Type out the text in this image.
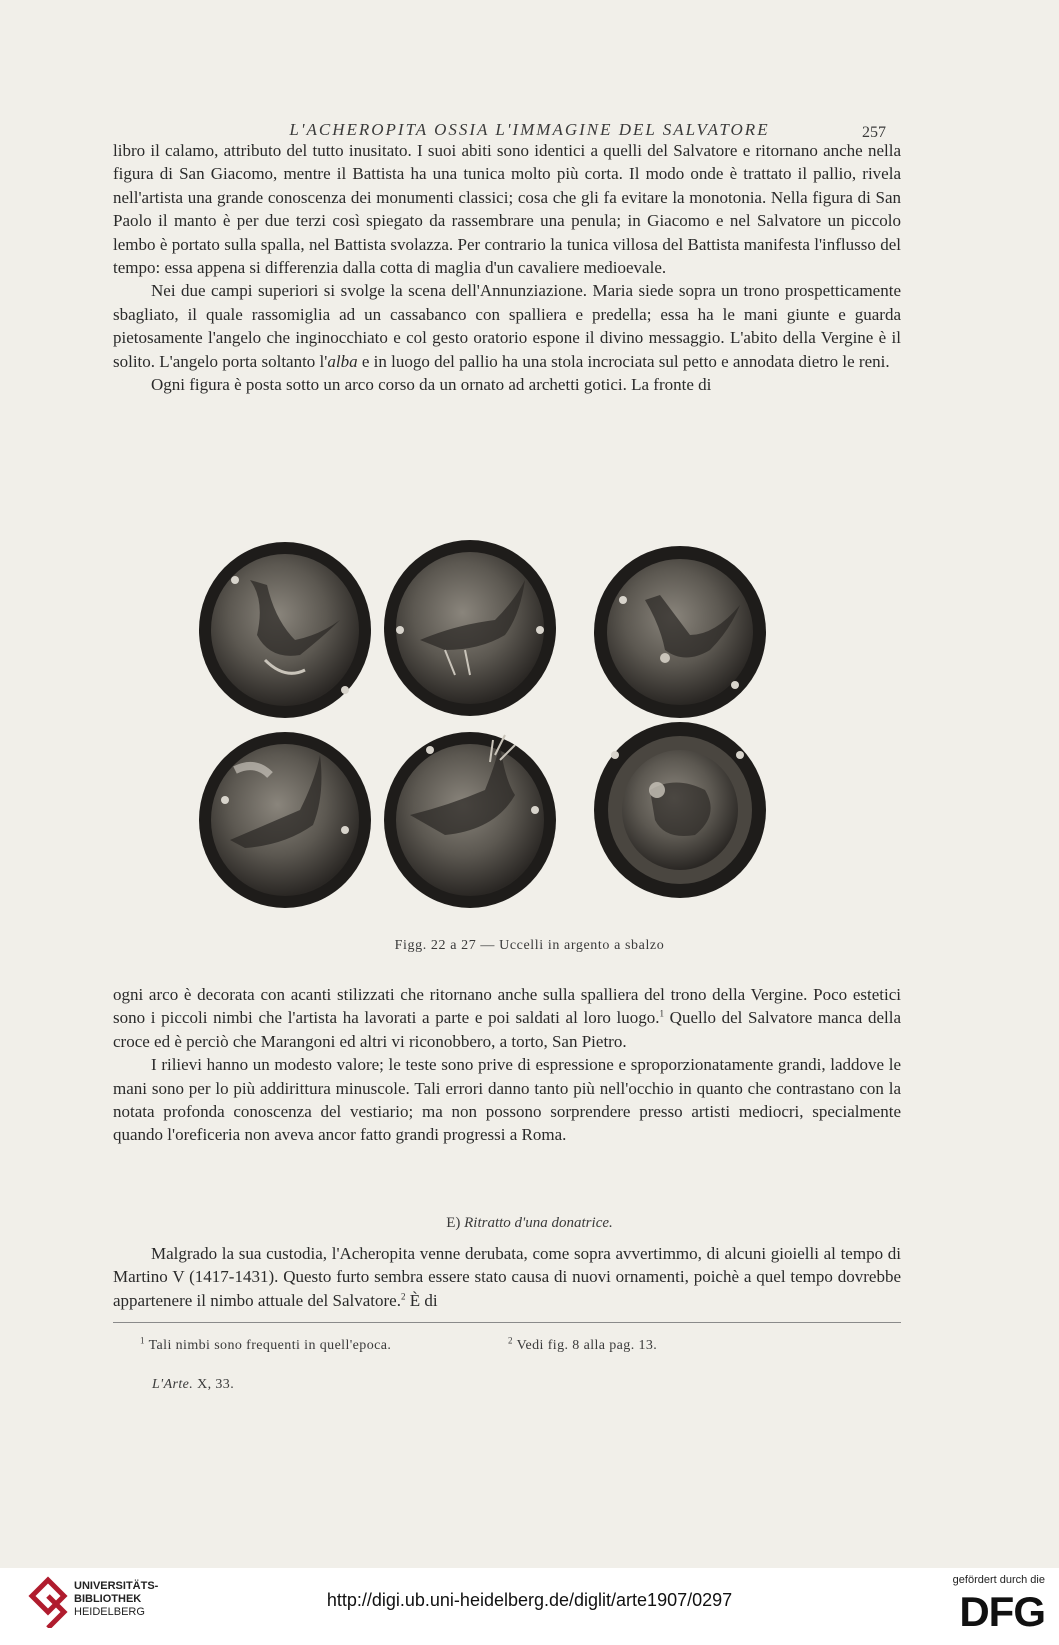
L'ACHEROPITA OSSIA L'IMMAGINE DEL SALVATORE	257

libro il calamo, attributo del tutto inusitato. I suoi abiti sono identici a quelli del Salvatore e ritornano anche nella figura di San Giacomo, mentre il Battista ha una tunica molto più corta. Il modo onde è trattato il pallio, rivela nell'artista una grande conoscenza dei monumenti classici; cosa che gli fa evitare la monotonia. Nella figura di San Paolo il manto è per due terzi così spiegato da rassembrare una penula; in Giacomo e nel Salvatore un piccolo lembo è portato sulla spalla, nel Battista svolazza. Per contrario la tunica villosa del Battista manifesta l'influsso del tempo: essa appena si differenzia dalla cotta di maglia d'un cavaliere medioevale.

Nei due campi superiori si svolge la scena dell'Annunziazione. Maria siede sopra un trono prospetticamente sbagliato, il quale rassomiglia ad un cassabanco con spalliera e predella; essa ha le mani giunte e guarda pietosamente l'angelo che inginocchiato e col gesto oratorio espone il divino messaggio. L'abito della Vergine è il solito. L'angelo porta soltanto l'alba e in luogo del pallio ha una stola incrociata sul petto e annodata dietro le reni.

Ogni figura è posta sotto un arco corso da un ornato ad archetti gotici. La fronte di

Figg. 22 a 27 — Uccelli in argento a sbalzo

ogni arco è decorata con acanti stilizzati che ritornano anche sulla spalliera del trono della Vergine. Poco estetici sono i piccoli nimbi che l'artista ha lavorati a parte e poi saldati al loro luogo.$^1$ Quello del Salvatore manca della croce ed è perciò che Marangoni ed altri vi riconobbero, a torto, San Pietro.

I rilievi hanno un modesto valore; le teste sono prive di espressione e sproporzionatamente grandi, laddove le mani sono per lo più addirittura minuscole. Tali errori danno tanto più nell'occhio in quanto che contrastano con la notata profonda conoscenza del vestiario; ma non possono sorprendere presso artisti mediocri, specialmente quando l'oreficeria non aveva ancor fatto grandi progressi a Roma.

E) Ritratto d'una donatrice.

Malgrado la sua custodia, l'Acheropita venne derubata, come sopra avvertimmo, di alcuni gioielli al tempo di Martino V (1417-1431). Questo furto sembra essere stato causa di nuovi ornamenti, poichè a quel tempo dovrebbe appartenere il nimbo attuale del Salvatore.$^2$ È di

$^1$ Tali nimbi sono frequenti in quell'epoca.	$^2$ Vedi fig. 8 alla pag. 13.
L'Arte. X, 33.
UNIVERSITÄTS-
BIBLIOTHEK
HEIDELBERG
http://digi.ub.uni-heidelberg.de/diglit/arte1907/0297
gefördert durch die
DFG
